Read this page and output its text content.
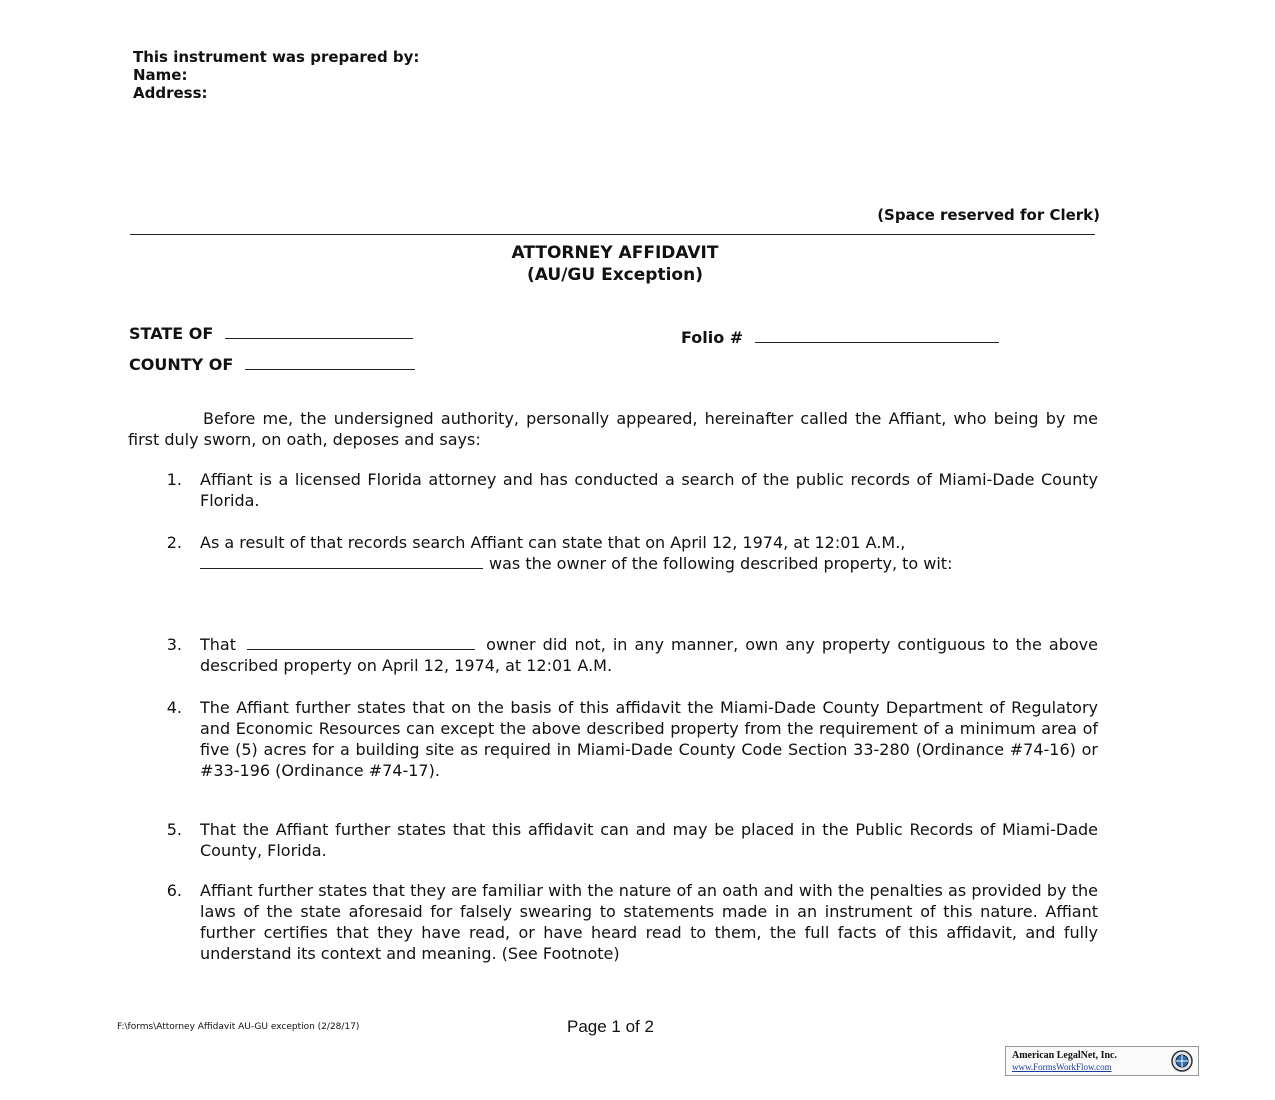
This instrument was prepared by:
Name:
Address:
(Space reserved for Clerk)
ATTORNEY AFFIDAVIT
(AU/GU Exception)
STATE OF
COUNTY OF
Folio #
Before me, the undersigned authority, personally appeared, hereinafter called the Affiant, who being by me first duly sworn, on oath, deposes and says:
1. Affiant is a licensed Florida attorney and has conducted a search of the public records of Miami-Dade County Florida.
2. As a result of that records search Affiant can state that on April 12, 1974, at 12:01 A.M.,
was the owner of the following described property, to wit:
3. That	owner did not, in any manner, own any property contiguous to the above described property on April 12, 1974, at 12:01 A.M.
4. The Affiant further states that on the basis of this affidavit the Miami-Dade County Department of Regulatory and Economic Resources can except the above described property from the requirement of a minimum area of five (5) acres for a building site as required in Miami-Dade County Code Section 33-280 (Ordinance #74-16) or #33-196 (Ordinance #74-17).
5. That the Affiant further states that this affidavit can and may be placed in the Public Records of Miami-Dade County, Florida.
6. Affiant further states that they are familiar with the nature of an oath and with the penalties as provided by the laws of the state aforesaid for falsely swearing to statements made in an instrument of this nature. Affiant further certifies that they have read, or have heard read to them, the full facts of this affidavit, and fully understand its context and meaning. (See Footnote)
F:\forms\Attorney Affidavit AU-GU exception (2/28/17)	Page 1 of 2
American LegalNet, Inc.
www.FormsWorkFlow.com
